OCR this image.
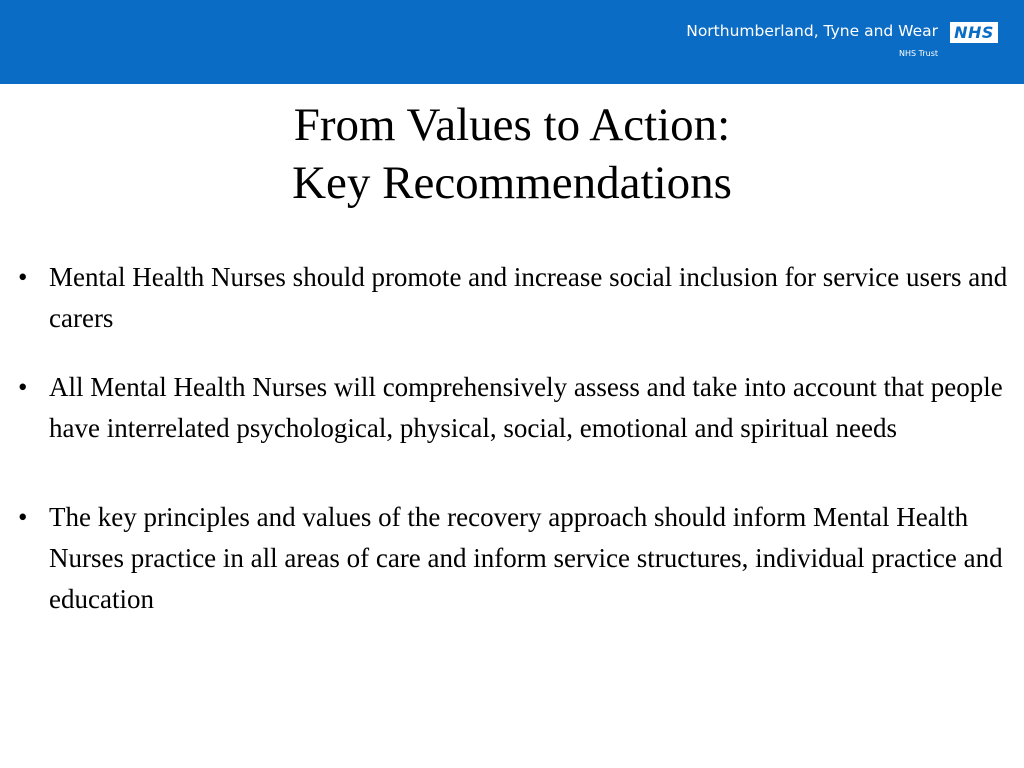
Northumberland, Tyne and Wear
NHS Trust
NHS
From Values to Action:
Key Recommendations
• Mental Health Nurses should promote and increase social inclusion for service users and carers
• All Mental Health Nurses will comprehensively assess and take into account that people have interrelated psychological, physical, social, emotional and spiritual needs
• The key principles and values of the recovery approach should inform Mental Health Nurses practice in all areas of care and inform service structures, individual practice and education
